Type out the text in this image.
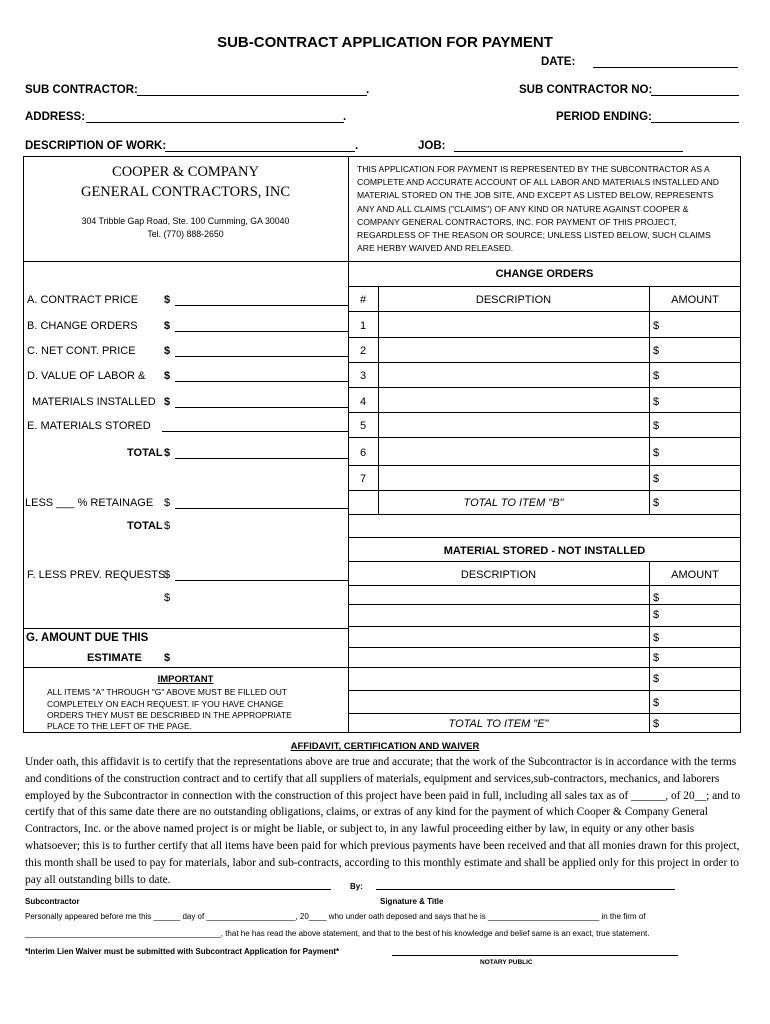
SUB-CONTRACT APPLICATION FOR PAYMENT
DATE:
SUB CONTRACTOR:	.	SUB CONTRACTOR NO:
ADDRESS:	.	PERIOD ENDING:
DESCRIPTION OF WORK:	.	JOB:
COOPER & COMPANY
GENERAL CONTRACTORS, INC
304 Tribble Gap Road, Ste. 100 Cumming, GA 30040
Tel. (770) 888-2650
THIS APPLICATION FOR PAYMENT IS REPRESENTED BY THE SUBCONTRACTOR AS A COMPLETE AND ACCURATE ACCOUNT OF ALL LABOR AND MATERIALS INSTALLED AND MATERIAL STORED ON THE JOB SITE, AND EXCEPT AS LISTED BELOW, REPRESENTS ANY AND ALL CLAIMS ("CLAIMS") OF ANY KIND OR NATURE AGAINST COOPER & COMPANY GENERAL CONTRACTORS, INC. FOR PAYMENT OF THIS PROJECT, REGARDLESS OF THE REASON OR SOURCE; UNLESS LISTED BELOW, SUCH CLAIMS ARE HERBY WAIVED AND RELEASED.
A. CONTRACT PRICE $
B. CHANGE ORDERS $
C. NET CONT. PRICE	$
D. VALUE OF LABOR & $
MATERIALS INSTALLED $
E. MATERIALS STORED
TOTAL $
LESS ___ % RETAINAGE $
TOTAL $
F. LESS PREV. REQUESTS
$
$
G. AMOUNT DUE THIS
ESTIMATE $
IMPORTANT
ALL ITEMS "A" THROUGH "G" ABOVE MUST BE FILLED OUT
COMPLETELY ON EACH REQUEST. IF YOU HAVE CHANGE
ORDERS THEY MUST BE DESCRIBED IN THE APPROPRIATE
PLACE TO THE LEFT OF THE PAGE.
CHANGE ORDERS
#	DESCRIPTION	AMOUNT
1	$
2	$
3	$
4	$
5	$
6	$
7	$
TOTAL TO ITEM "B"	$
MATERIAL STORED - NOT INSTALLED
DESCRIPTION	AMOUNT
$
$
$
$
$
$
TOTAL TO ITEM "E"	$
AFFIDAVIT, CERTIFICATION AND WAIVER
Under oath, this affidavit is to certify that the representations above are true and accurate; that the work of the Subcontractor is in accordance with the terms and conditions of the construction contract and to certify that all suppliers of materials, equipment and services,sub-contractors, mechanics, and laborers employed by the Subcontractor in connection with the construction of this project have been paid in full, including all sales tax as of ______, of 20__; and to certify that of this same date there are no outstanding obligations, claims, or extras of any kind for the payment of which Cooper & Company General Contractors, Inc. or the above named project is or might be liable, or subject to, in any lawful proceeding either by law, in equity or any other basis whatsoever; this is to further certify that all items have been paid for which previous payments have been received and that all monies drawn for this project, this month shall be used to pay for materials, labor and sub-contracts, according to this monthly estimate and shall be applied only for this project in order to pay all outstanding bills to date.
By:
Subcontractor	Signature & Title
Personally appeared before me this ______ day of ____________________, 20____ who under oath deposed and says that he is _________________________ in the firm of
____________________________________________, that he has read the above statement, and that to the best of his knowledge and belief same is an exact, true statement.
*Interim Lien Waiver must be submitted with Subcontract Application for Payment*
NOTARY PUBLIC
